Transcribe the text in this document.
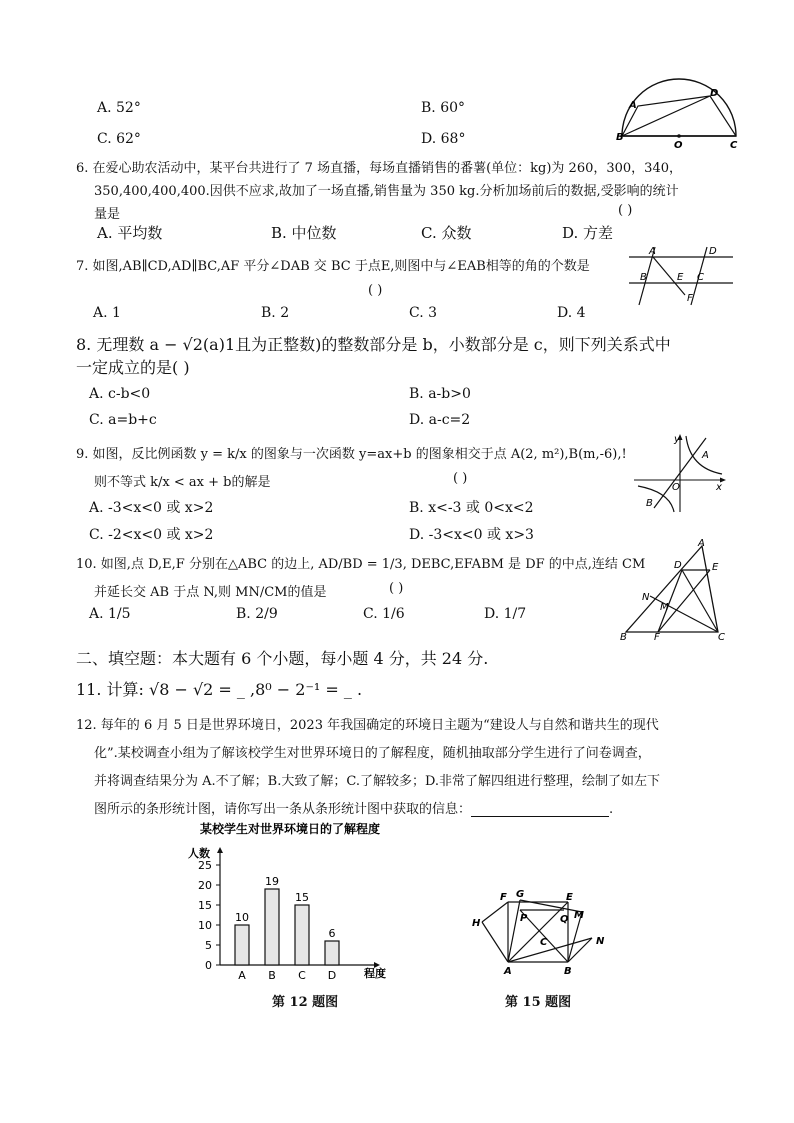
A. 52°	B. 60°
C. 62°	D. 68°
A
B
C
D
O
6. 在爱心助农活动中，某平台共进行了 7 场直播，每场直播销售的番薯(单位：kg)为 260，300，340，
350,400,400,400.因供不应求,故加了一场直播,销售量为 350 kg.分析加场前后的数据,受影响的统计
量是	( )
A. 平均数	B. 中位数	C. 众数	D. 方差
7. 如图,AB∥CD,AD∥BC,AF 平分∠DAB 交 BC 于点E,则图中与∠EAB相等的角的个数是
( )
A. 1	B. 2	C. 3	D. 4
A	D
B	E C
F
8. 无理数 a − √2(a)1且为正整数)的整数部分是 b，小数部分是 c，则下列关系式中
一定成立的是( )
A. c-b<0	B. a-b>0
C. a=b+c	D. a-c=2
9. 如图，反比例函数 y = k/x 的图象与一次函数 y=ax+b 的图象相交于点 A(2, m²),B(m,-6),!
则不等式 k/x < ax + b的解是	( )
A. -3<x<0 或 x>2	B. x<-3 或 0<x<2
C. -2<x<0 或 x>2	D. -3<x<0 或 x>3
y
x
O
A
B
10. 如图,点 D,E,F 分别在△ABC 的边上, AD/BD = 1/3, DEBC,EFABM 是 DF 的中点,连结 CM
并延长交 AB 于点 N,则 MN/CM的值是	( )
A. 1/5	B. 2/9	C. 1/6	D. 1/7
A
D	E
N
M
B	F	C
二、填空题：本大题有 6 个小题，每小题 4 分，共 24 分.
11. 计算: √8 − √2 = _ ,8⁰ − 2⁻¹ = _ .
12. 每年的 6 月 5 日是世界环境日，2023 年我国确定的环境日主题为“建设人与自然和谐共生的现代
化”.某校调查小组为了解该校学生对世界环境日的了解程度，随机抽取部分学生进行了问卷调查，
并将调查结果分为 A.不了解；B.大致了解；C.了解较多；D.非常了解四组进行整理，绘制了如左下
图所示的条形统计图，请你写出一条从条形统计图中获取的信息：	.
某校学生对世界环境日的了解程度
人数
程度
0
5
10
15
20
25
A B C D
10
19
15
6
第 12 题图
F G	E
P	Q M
H
C	N
A	B
第 15 题图
